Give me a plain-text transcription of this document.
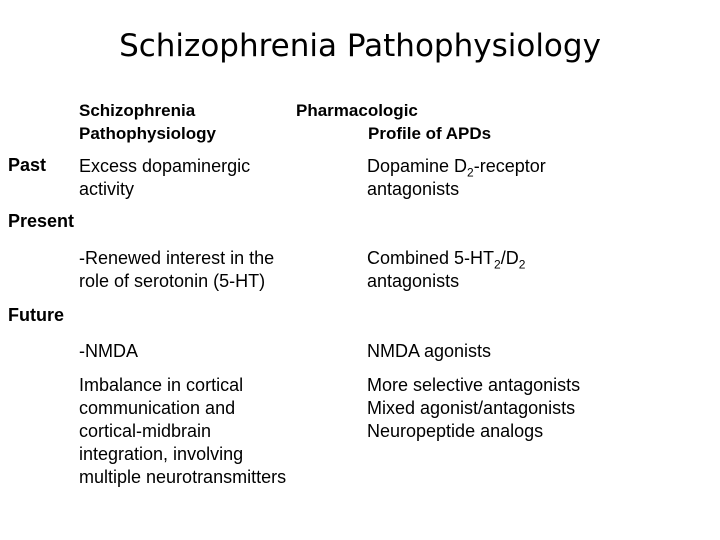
Schizophrenia Pathophysiology
Schizophrenia
Pathophysiology
Pharmacologic
Profile of APDs
Past Excess dopaminergic
activity
Dopamine $D_2$-receptor
antagonists
Present
-Renewed interest in the
role of serotonin (5-HT)
Combined $5-HT_2/D_2$
antagonists
Future
-NMDA	NMDA agonists
Imbalance in cortical
communication and
cortical-midbrain
integration, involving
multiple neurotransmitters
More selective antagonists
Mixed agonist/antagonists
Neuropeptide analogs
